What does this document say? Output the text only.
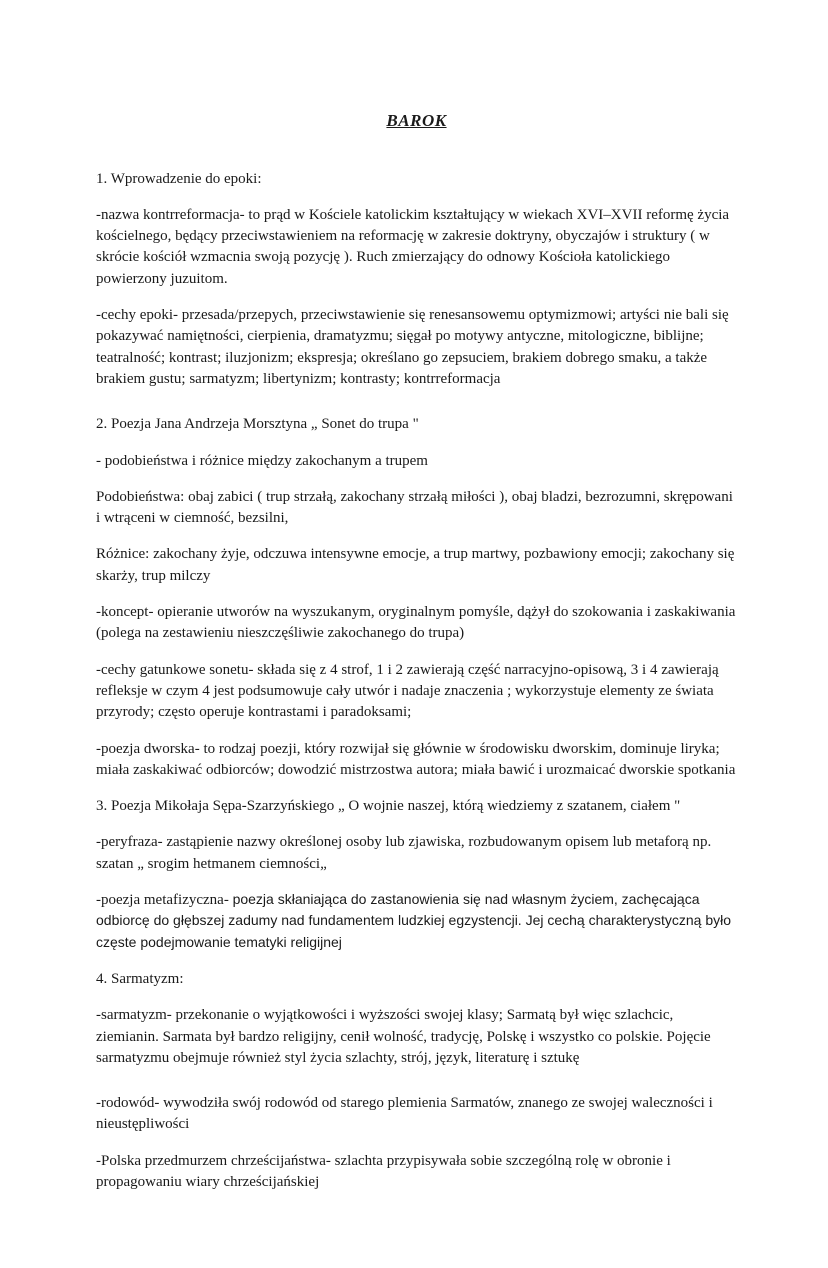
BAROK

1. Wprowadzenie do epoki:

-nazwa kontrreformacja- to prąd w Kościele katolickim kształtujący w wiekach XVI–XVII reformę życia kościelnego, będący przeciwstawieniem na reformację w zakresie doktryny, obyczajów i struktury ( w skrócie kościół wzmacnia swoją pozycję ). Ruch zmierzający do odnowy Kościoła katolickiego powierzony juzuitom.

-cechy epoki- przesada/przepych, przeciwstawienie się renesansowemu optymizmowi; artyści nie bali się pokazywać namiętności, cierpienia, dramatyzmu; sięgał po motywy antyczne, mitologiczne, biblijne; teatralność; kontrast; iluzjonizm; ekspresja; określano go zepsuciem, brakiem dobrego smaku, a także brakiem gustu; sarmatyzm; libertynizm; kontrasty; kontrreformacja

2. Poezja Jana Andrzeja Morsztyna „ Sonet do trupa "

- podobieństwa i różnice między zakochanym a trupem

Podobieństwa: obaj zabici ( trup strzałą, zakochany strzałą miłości ), obaj bladzi, bezrozumni, skrępowani i wtrąceni w ciemność, bezsilni,

Różnice: zakochany żyje, odczuwa intensywne emocje, a trup martwy, pozbawiony emocji; zakochany się skarży, trup milczy

-koncept- opieranie utworów na wyszukanym, oryginalnym pomyśle, dążył do szokowania i zaskakiwania (polega na zestawieniu nieszczęśliwie zakochanego do trupa)

-cechy gatunkowe sonetu- składa się z 4 strof, 1 i 2 zawierają część narracyjno-opisową, 3 i 4 zawierają refleksje w czym 4 jest podsumowuje cały utwór i nadaje znaczenia ; wykorzystuje elementy ze świata przyrody; często operuje kontrastami i paradoksami;

-poezja dworska- to rodzaj poezji, który rozwijał się głównie w środowisku dworskim, dominuje liryka; miała zaskakiwać odbiorców; dowodzić mistrzostwa autora; miała bawić i urozmaicać dworskie spotkania

3. Poezja Mikołaja Sępa-Szarzyńskiego „ O wojnie naszej, którą wiedziemy z szatanem, ciałem "

-peryfraza- zastąpienie nazwy określonej osoby lub zjawiska, rozbudowanym opisem lub metaforą np. szatan „ srogim hetmanem ciemności„

-poezja metafizyczna- poezja skłaniająca do zastanowienia się nad własnym życiem, zachęcająca odbiorcę do głębszej zadumy nad fundamentem ludzkiej egzystencji. Jej cechą charakterystyczną było częste podejmowanie tematyki religijnej

4. Sarmatyzm:

-sarmatyzm- przekonanie o wyjątkowości i wyższości swojej klasy; Sarmatą był więc szlachcic, ziemianin. Sarmata był bardzo religijny, cenił wolność, tradycję, Polskę i wszystko co polskie. Pojęcie sarmatyzmu obejmuje również styl życia szlachty, strój, język, literaturę i sztukę

-rodowód- wywodziła swój rodowód od starego plemienia Sarmatów, znanego ze swojej waleczności i nieustępliwości

-Polska przedmurzem chrześcijaństwa- szlachta przypisywała sobie szczególną rolę w obronie i propagowaniu wiary chrześcijańskiej
